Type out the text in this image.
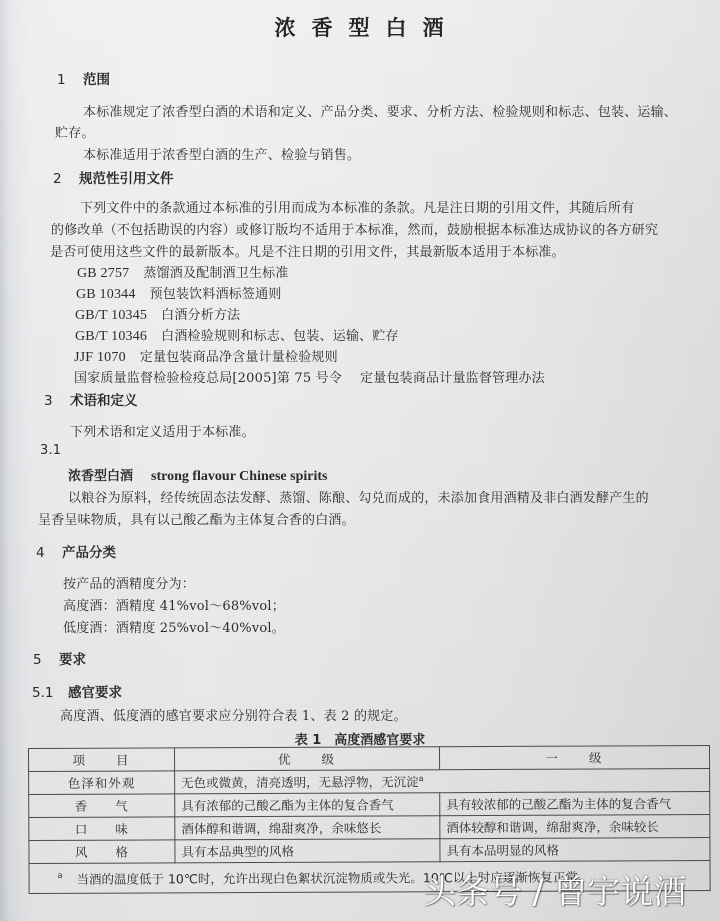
浓香型白酒
1 范围
本标准规定了浓香型白酒的术语和定义、产品分类、要求、分析方法、检验规则和标志、包装、运输、
贮存。
本标准适用于浓香型白酒的生产、检验与销售。
2 规范性引用文件
下列文件中的条款通过本标准的引用而成为本标准的条款。凡是注日期的引用文件，其随后所有
的修改单（不包括勘误的内容）或修订版均不适用于本标准，然而，鼓励根据本标准达成协议的各方研究
是否可使用这些文件的最新版本。凡是不注日期的引用文件，其最新版本适用于本标准。
GB 2757 蒸馏酒及配制酒卫生标准
GB 10344 预包装饮料酒标签通则
GB/T 10345 白酒分析方法
GB/T 10346 白酒检验规则和标志、包装、运输、贮存
JJF 1070 定量包装商品净含量计量检验规则
国家质量监督检验检疫总局[2005]第 75 号令 定量包装商品计量监督管理办法
3 术语和定义
下列术语和定义适用于本标准。
3.1
浓香型白酒 strong flavour Chinese spirits
以粮谷为原料，经传统固态法发酵、蒸馏、陈酿、勾兑而成的，未添加食用酒精及非白酒发酵产生的
呈香呈味物质，具有以己酸乙酯为主体复合香的白酒。
4 产品分类
按产品的酒精度分为：
高度酒：酒精度 41%vol～68%vol；
低度酒：酒精度 25%vol～40%vol。
5 要求
5.1 感官要求
高度酒、低度酒的感官要求应分别符合表 1、表 2 的规定。
表 1　高度酒感官要求
项　　目	优　　级	一　　级
色泽和外观	无色或微黄，清亮透明，无悬浮物，无沉淀$^a$
香　　气	具有浓郁的己酸乙酯为主体的复合香气	具有较浓郁的己酸乙酯为主体的复合香气
口　　味	酒体醇和谐调，绵甜爽净，余味悠长	酒体较醇和谐调，绵甜爽净，余味较长
风　　格	具有本品典型的风格	具有本品明显的风格
$^a$ 当酒的温度低于 10℃时，允许出现白色絮状沉淀物质或失光。10℃以上时应逐渐恢复正常。		
头条号 / 曾宇说酒
